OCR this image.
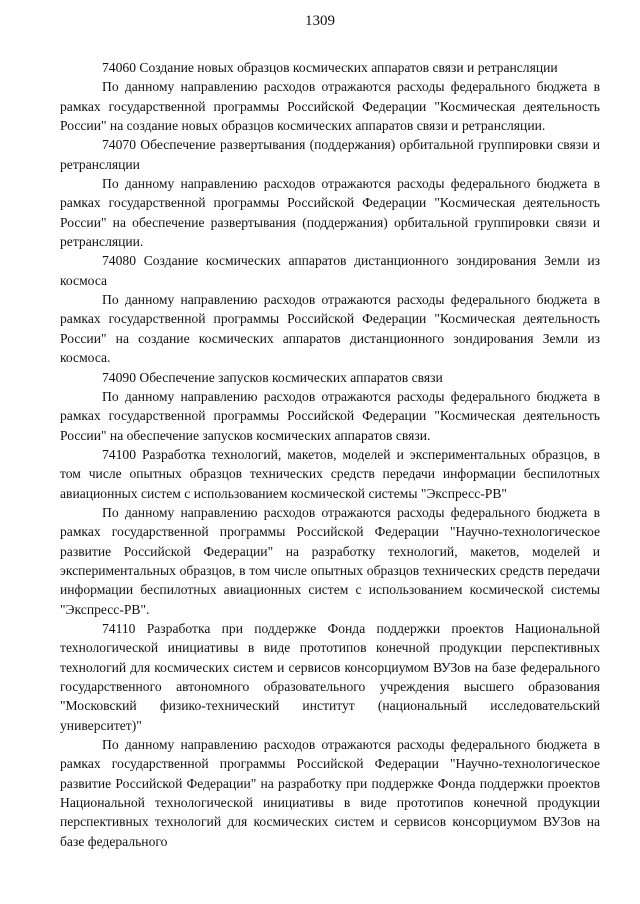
1309

74060 Создание новых образцов космических аппаратов связи и ретрансляции

По данному направлению расходов отражаются расходы федерального бюджета в рамках государственной программы Российской Федерации "Космическая деятельность России" на создание новых образцов космических аппаратов связи и ретрансляции.

74070 Обеспечение развертывания (поддержания) орбитальной группировки связи и ретрансляции

По данному направлению расходов отражаются расходы федерального бюджета в рамках государственной программы Российской Федерации "Космическая деятельность России" на обеспечение развертывания (поддержания) орбитальной группировки связи и ретрансляции.

74080 Создание космических аппаратов дистанционного зондирования Земли из космоса

По данному направлению расходов отражаются расходы федерального бюджета в рамках государственной программы Российской Федерации "Космическая деятельность России" на создание космических аппаратов дистанционного зондирования Земли из космоса.

74090 Обеспечение запусков космических аппаратов связи

По данному направлению расходов отражаются расходы федерального бюджета в рамках государственной программы Российской Федерации "Космическая деятельность России" на обеспечение запусков космических аппаратов связи.

74100 Разработка технологий, макетов, моделей и экспериментальных образцов, в том числе опытных образцов технических средств передачи информации беспилотных авиационных систем с использованием космической системы "Экспресс-РВ"

По данному направлению расходов отражаются расходы федерального бюджета в рамках государственной программы Российской Федерации "Научно-технологическое развитие Российской Федерации" на разработку технологий, макетов, моделей и экспериментальных образцов, в том числе опытных образцов технических средств передачи информации беспилотных авиационных систем с использованием космической системы "Экспресс-РВ".

74110 Разработка при поддержке Фонда поддержки проектов Национальной технологической инициативы в виде прототипов конечной продукции перспективных технологий для космических систем и сервисов консорциумом ВУЗов на базе федерального государственного автономного образовательного учреждения высшего образования "Московский физико-технический институт (национальный исследовательский университет)"

По данному направлению расходов отражаются расходы федерального бюджета в рамках государственной программы Российской Федерации "Научно-технологическое развитие Российской Федерации" на разработку при поддержке Фонда поддержки проектов Национальной технологической инициативы в виде прототипов конечной продукции перспективных технологий для космических систем и сервисов консорциумом ВУЗов на базе федерального
